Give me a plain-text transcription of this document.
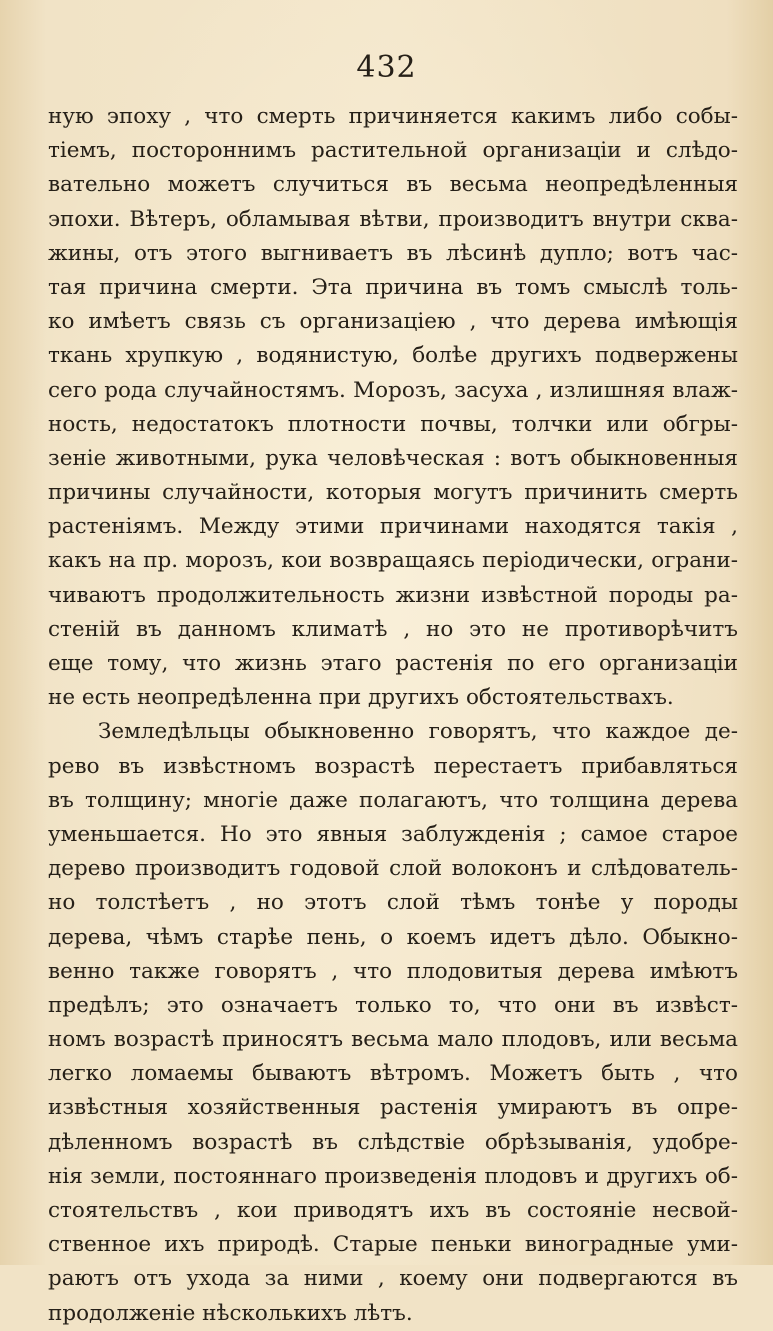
432
ную эпоху , что смерть причиняется какимъ либо собы-
тіемъ, постороннимъ растительной организаціи и слѣдо-
вательно можетъ случиться въ весьма неопредѣленныя
эпохи. Вѣтеръ, обламывая вѣтви, производитъ внутри сква-
жины, отъ этого выгниваетъ въ лѣсинѣ дупло; вотъ час-
тая причина смерти. Эта причина въ томъ смыслѣ толь-
ко имѣетъ связь съ организаціею , что дерева имѣющія
ткань хрупкую , водянистую, болѣе другихъ подвержены
сего рода случайностямъ. Морозъ, засуха , излишняя влаж-
ность, недостатокъ плотности почвы, толчки или обгры-
зеніе животными, рука человѣческая : вотъ обыкновенныя
причины случайности, которыя могутъ причинить смерть
растеніямъ. Между этими причинами находятся такія ,
какъ на пр. морозъ, кои возвращаясь періодически, ограни-
чиваютъ продолжительность жизни извѣстной породы ра-
стеній въ данномъ климатѣ , но это не противорѣчитъ
еще тому, что жизнь этаго растенія по его организаціи
не есть неопредѣленна при другихъ обстоятельствахъ.
Землeдѣльцы обыкновенно говорятъ, что каждое де-
рево въ извѣстномъ возрастѣ перестаетъ прибавляться
въ толщину; многіе даже полагаютъ, что толщина дерева
уменьшается. Но это явныя заблужденія ; самое старое
дерево производитъ годовой слой волоконъ и слѣдователь-
но толстѣетъ , но этотъ слой тѣмъ тонѣе у породы
дерева, чѣмъ старѣе пень, о коемъ идетъ дѣло. Обыкно-
венно также говорятъ , что плодовитыя дерева имѣютъ
предѣлъ; это означаетъ только то, что они въ извѣст-
номъ возрастѣ приносятъ весьма мало плодовъ, или весьма
легко ломаемы бываютъ вѣтромъ. Можетъ быть , что
извѣстныя хозяйственныя растенія умираютъ въ опре-
дѣленномъ возрастѣ въ слѣдствіе обрѣзыванія, удобре-
нія земли, постояннаго произведенія плодовъ и другихъ об-
стоятельствъ , кои приводятъ ихъ въ состояніе несвой-
ственное ихъ природѣ. Старые пеньки виноградные уми-
раютъ отъ ухода за ними , коему они подвергаются въ
продолженіе нѣсколькихъ лѣтъ.
